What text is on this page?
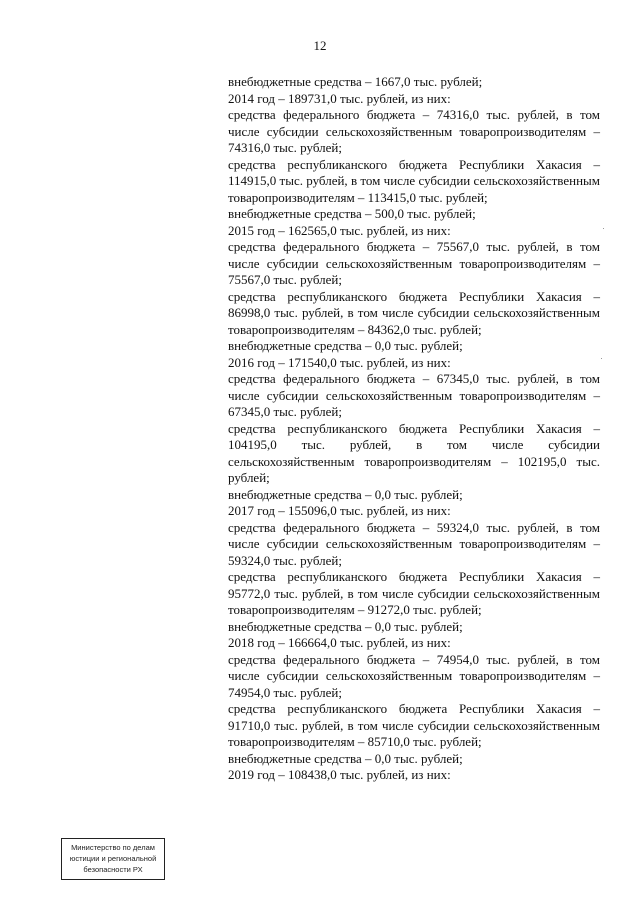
12

внебюджетные средства – 1667,0 тыс. рублей;

2014 год – 189731,0 тыс. рублей, из них:

средства федерального бюджета – 74316,0 тыс. рублей, в том числе субсидии сельскохозяйственным товаропроизводителям – 74316,0 тыс. рублей;

средства республиканского бюджета Республики Хакасия – 114915,0 тыс. рублей, в том числе субсидии сельскохозяйственным товаропроизводителям – 113415,0 тыс. рублей;

внебюджетные средства – 500,0 тыс. рублей;

2015 год – 162565,0 тыс. рублей, из них:

средства федерального бюджета – 75567,0 тыс. рублей, в том числе субсидии сельскохозяйственным товаропроизводителям – 75567,0 тыс. рублей;

средства республиканского бюджета Республики Хакасия – 86998,0 тыс. рублей, в том числе субсидии сельскохозяйственным товаропроизводителям – 84362,0 тыс. рублей;

внебюджетные средства – 0,0 тыс. рублей;

2016 год – 171540,0 тыс. рублей, из них:

средства федерального бюджета – 67345,0 тыс. рублей, в том числе субсидии сельскохозяйственным товаропроизводителям – 67345,0 тыс. рублей;

средства республиканского бюджета Республики Хакасия – 104195,0 тыс. рублей, в том числе субсидии сельскохозяйственным товаропроизводителям – 102195,0 тыс. рублей;

внебюджетные средства – 0,0 тыс. рублей;

2017 год – 155096,0 тыс. рублей, из них:

средства федерального бюджета – 59324,0 тыс. рублей, в том числе субсидии сельскохозяйственным товаропроизводителям – 59324,0 тыс. рублей;

средства республиканского бюджета Республики Хакасия – 95772,0 тыс. рублей, в том числе субсидии сельскохозяйственным товаропроизводителям – 91272,0 тыс. рублей;

внебюджетные средства – 0,0 тыс. рублей;

2018 год – 166664,0 тыс. рублей, из них:

средства федерального бюджета – 74954,0 тыс. рублей, в том числе субсидии сельскохозяйственным товаропроизводителям – 74954,0 тыс. рублей;

средства республиканского бюджета Республики Хакасия – 91710,0 тыс. рублей, в том числе субсидии сельскохозяйственным товаропроизводителям – 85710,0 тыс. рублей;

внебюджетные средства – 0,0 тыс. рублей;

2019 год – 108438,0 тыс. рублей, из них:

Министерство по делам
юстиции и региональной
безопасности РХ
